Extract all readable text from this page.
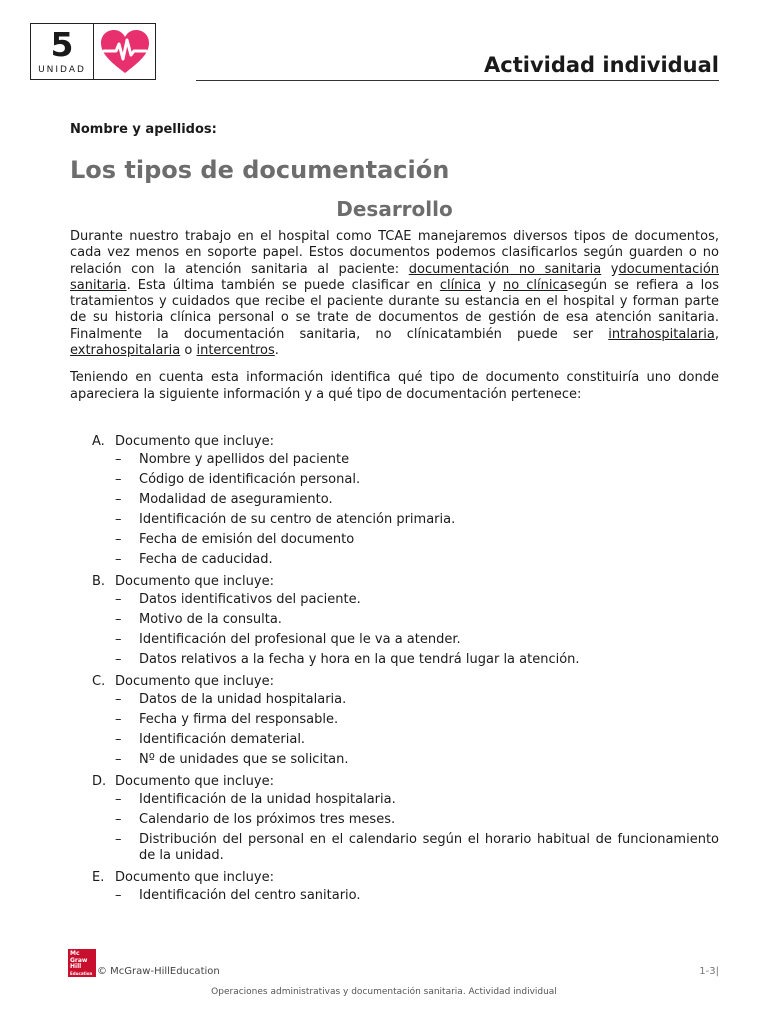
5
UNIDAD	Actividad individual

Nombre y apellidos:

Los tipos de documentación
Desarrollo

Durante nuestro trabajo en el hospital como TCAE manejaremos diversos tipos de documentos, cada vez menos en soporte papel. Estos documentos podemos clasificarlos según guarden o no relación con la atención sanitaria al paciente: documentación no sanitaria ydocumentación sanitaria. Esta última también se puede clasificar en clínica y no clínicasegún se refiera a los tratamientos y cuidados que recibe el paciente durante su estancia en el hospital y forman parte de su historia clínica personal o se trate de documentos de gestión de esa atención sanitaria. Finalmente la documentación sanitaria, no clínicatambién puede ser intrahospitalaria, extrahospitalaria o intercentros.

Teniendo en cuenta esta información identifica qué tipo de documento constituiría uno donde apareciera la siguiente información y a qué tipo de documentación pertenece:

A. Documento que incluye:
– Nombre y apellidos del paciente
– Código de identificación personal.
– Modalidad de aseguramiento.
– Identificación de su centro de atención primaria.
– Fecha de emisión del documento
– Fecha de caducidad.
B. Documento que incluye:
– Datos identificativos del paciente.
– Motivo de la consulta.
– Identificación del profesional que le va a atender.
– Datos relativos a la fecha y hora en la que tendrá lugar la atención.
C. Documento que incluye:
– Datos de la unidad hospitalaria.
– Fecha y firma del responsable.
– Identificación dematerial.
– Nº de unidades que se solicitan.
D. Documento que incluye:
– Identificación de la unidad hospitalaria.
– Calendario de los próximos tres meses.
– Distribución del personal en el calendario según el horario habitual de funcionamiento de la unidad.
E. Documento que incluye:
– Identificación del centro sanitario.
Mc
Graw
Hill
Education © McGraw-HillEducation	1-3|
Operaciones administrativas y documentación sanitaria. Actividad individual
